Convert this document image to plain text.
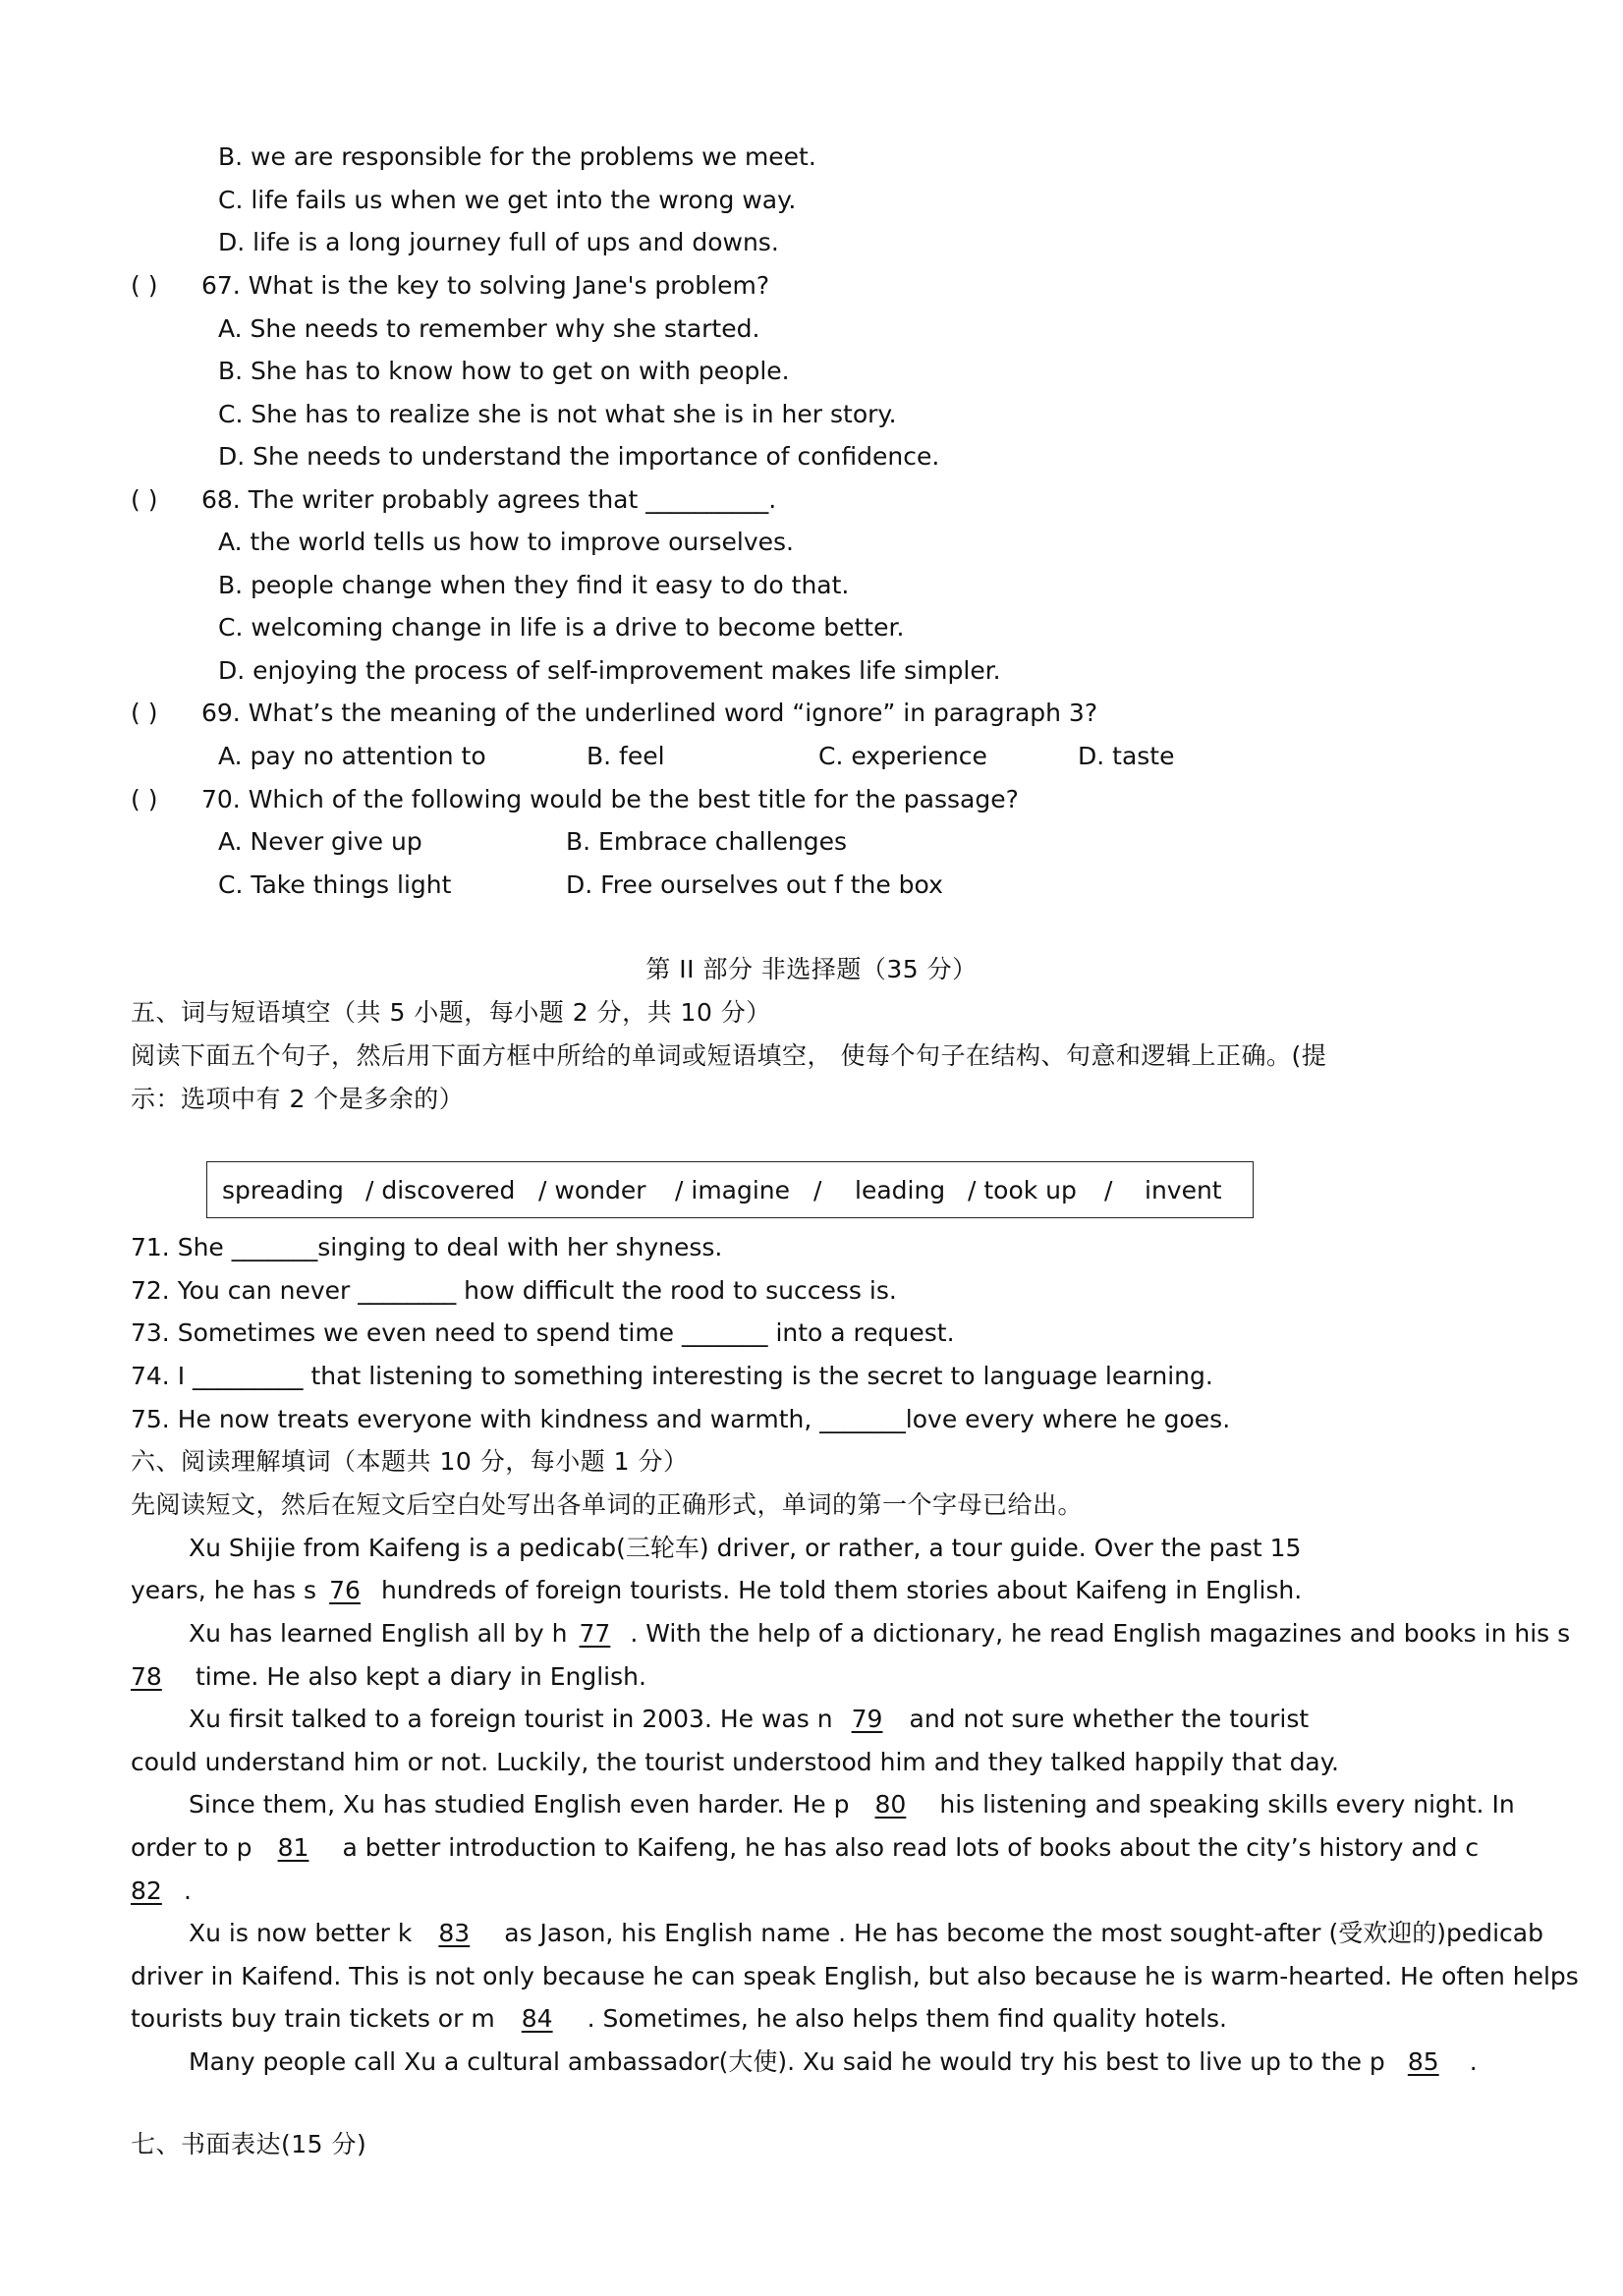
B. we are responsible for the problems we meet.
C. life fails us when we get into the wrong way.
D. life is a long journey full of ups and downs.
( ) 67. What is the key to solving Jane's problem?
A. She needs to remember why she started.
B. She has to know how to get on with people.
C. She has to realize she is not what she is in her story.
D. She needs to understand the importance of confidence.
( ) 68. The writer probably agrees that __________.
A. the world tells us how to improve ourselves.
B. people change when they find it easy to do that.
C. welcoming change in life is a drive to become better.
D. enjoying the process of self-improvement makes life simpler.
( ) 69. What’s the meaning of the underlined word “ignore” in paragraph 3?
A. pay no attention to	B. feel	C. experience	D. taste
( ) 70. Which of the following would be the best title for the passage?
A. Never give up	B. Embrace challenges
C. Take things light	D. Free ourselves out f the box
第 II 部分 非选择题（35 分）
五、词与短语填空（共 5 小题，每小题 2 分，共 10 分）
阅读下面五个句子，然后用下面方框中所给的单词或短语填空， 使每个句子在结构、句意和逻辑上正确。(提
示：选项中有 2 个是多余的）
spreading / discovered / wonder / imagine / leading / took up / invent
71. She _______singing to deal with her shyness.
72. You can never ________ how difficult the rood to success is.
73. Sometimes we even need to spend time _______ into a request.
74. I _________ that listening to something interesting is the secret to language learning.
75. He now treats everyone with kindness and warmth, _______love every where he goes.
六、阅读理解填词（本题共 10 分，每小题 1 分）
先阅读短文，然后在短文后空白处写出各单词的正确形式，单词的第一个字母已给出。
Xu Shijie from Kaifeng is a pedicab(三轮车) driver, or rather, a tour guide. Over the past 15
years, he has s 76 hundreds of foreign tourists. He told them stories about Kaifeng in English.
Xu has learned English all by h 77 . With the help of a dictionary, he read English magazines and books in his s
78 time. He also kept a diary in English.
Xu firsit talked to a foreign tourist in 2003. He was n 79 and not sure whether the tourist
could understand him or not. Luckily, the tourist understood him and they talked happily that day.
Since them, Xu has studied English even harder. He p 80 his listening and speaking skills every night. In
order to p 81 a better introduction to Kaifeng, he has also read lots of books about the city’s history and c
82 .
Xu is now better k 83 as Jason, his English name . He has become the most sought-after (受欢迎的)pedicab
driver in Kaifend. This is not only because he can speak English, but also because he is warm-hearted. He often helps
tourists buy train tickets or m 84 . Sometimes, he also helps them find quality hotels.
Many people call Xu a cultural ambassador(大使). Xu said he would try his best to live up to the p 85 .
七、书面表达(15 分)
